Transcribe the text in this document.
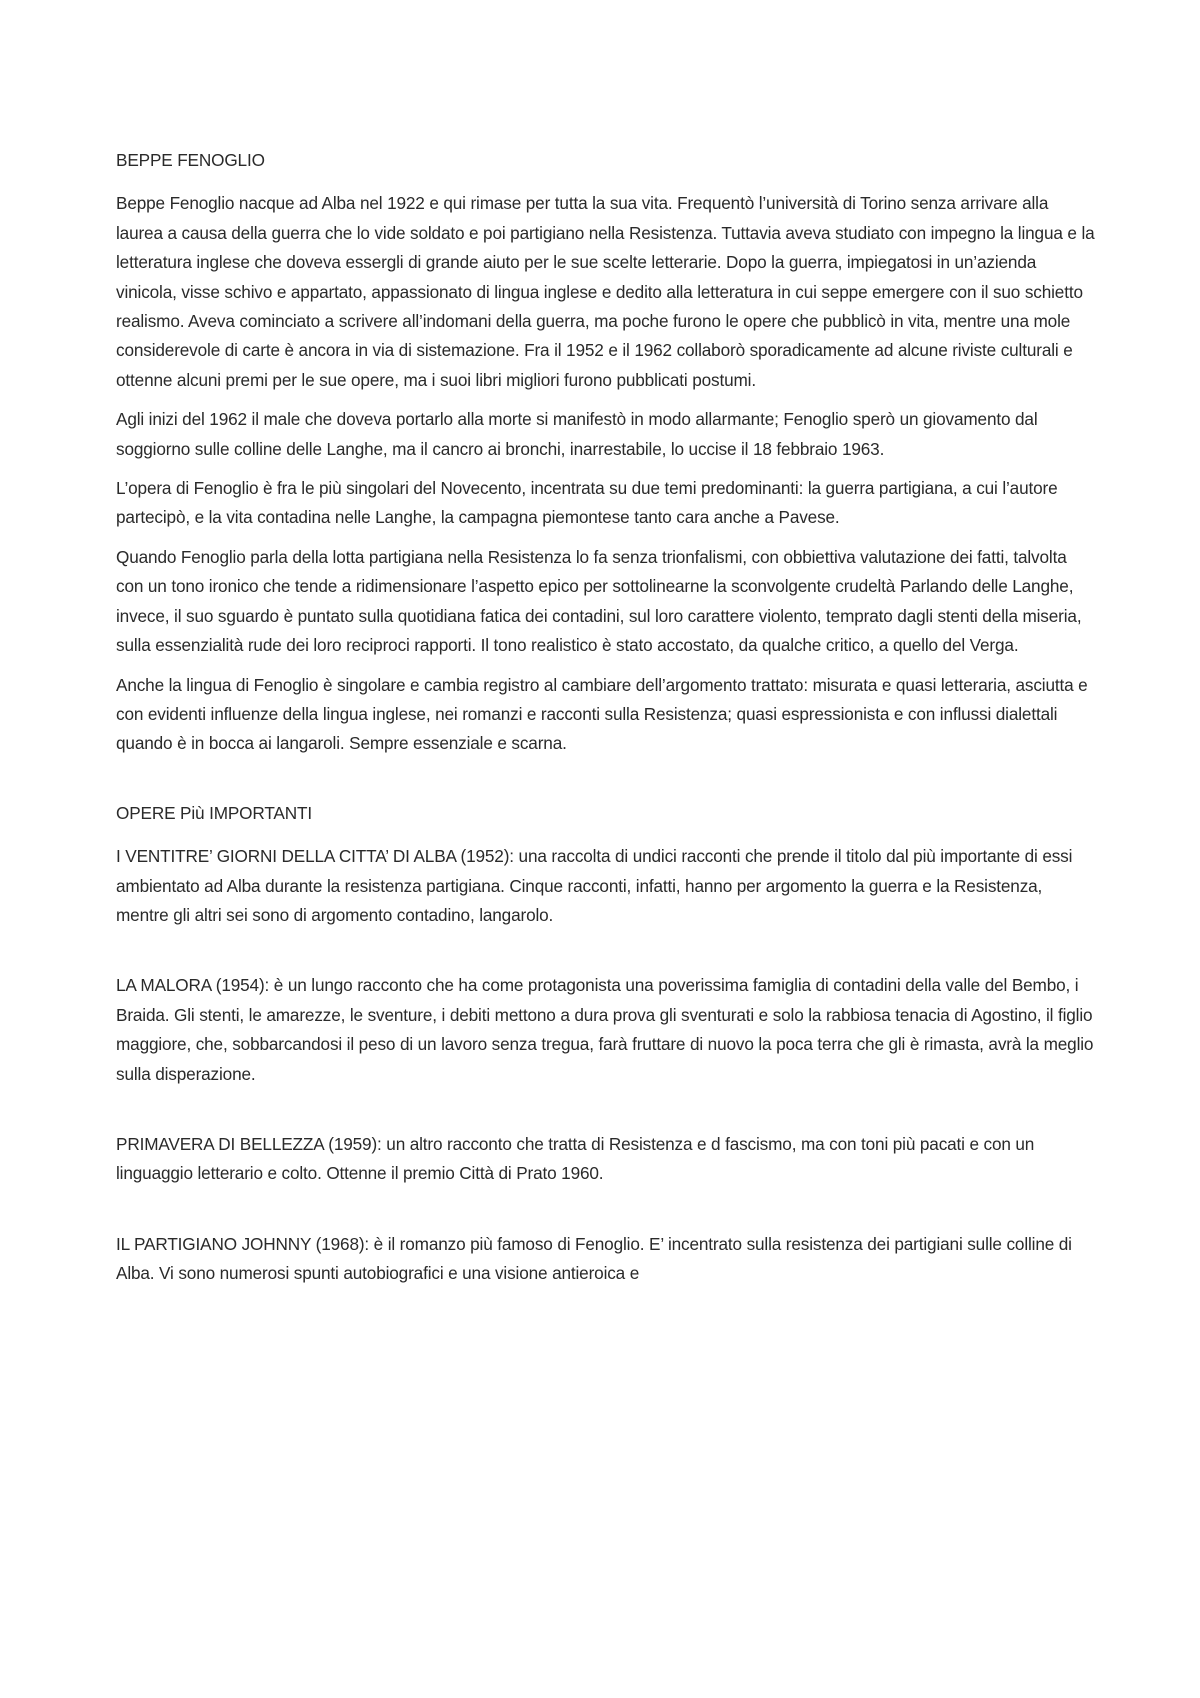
BEPPE FENOGLIO

Beppe Fenoglio nacque ad Alba nel 1922 e qui rimase per tutta la sua vita. Frequentò l’università di Torino senza arrivare alla laurea a causa della guerra che lo vide soldato e poi partigiano nella Resistenza. Tuttavia aveva studiato con impegno la lingua e la letteratura inglese che doveva essergli di grande aiuto per le sue scelte letterarie. Dopo la guerra, impiegatosi in un’azienda vinicola, visse schivo e appartato, appassionato di lingua inglese e dedito alla letteratura in cui seppe emergere con il suo schietto realismo. Aveva cominciato a scrivere all’indomani della guerra, ma poche furono le opere che pubblicò in vita, mentre una mole considerevole di carte è ancora in via di sistemazione. Fra il 1952 e il 1962 collaborò sporadicamente ad alcune riviste culturali e ottenne alcuni premi per le sue opere, ma i suoi libri migliori furono pubblicati postumi.

Agli inizi del 1962 il male che doveva portarlo alla morte si manifestò in modo allarmante; Fenoglio sperò un giovamento dal soggiorno sulle colline delle Langhe, ma il cancro ai bronchi, inarrestabile, lo uccise il 18 febbraio 1963.

L’opera di Fenoglio è fra le più singolari del Novecento, incentrata su due temi predominanti: la guerra partigiana, a cui l’autore partecipò, e la vita contadina nelle Langhe, la campagna piemontese tanto cara anche a Pavese.

Quando Fenoglio parla della lotta partigiana nella Resistenza lo fa senza trionfalismi, con obbiettiva valutazione dei fatti, talvolta con un tono ironico che tende a ridimensionare l’aspetto epico per sottolinearne la sconvolgente crudeltà Parlando delle Langhe, invece, il suo sguardo è puntato sulla quotidiana fatica dei contadini, sul loro carattere violento, temprato dagli stenti della miseria, sulla essenzialità rude dei loro reciproci rapporti. Il tono realistico è stato accostato, da qualche critico, a quello del Verga.

Anche la lingua di Fenoglio è singolare e cambia registro al cambiare dell’argomento trattato: misurata e quasi letteraria, asciutta e con evidenti influenze della lingua inglese, nei romanzi e racconti sulla Resistenza; quasi espressionista e con influssi dialettali quando è in bocca ai langaroli. Sempre essenziale e scarna.

OPERE Più IMPORTANTI

I VENTITRE’ GIORNI DELLA CITTA’ DI ALBA (1952): una raccolta di undici racconti che prende il titolo dal più importante di essi ambientato ad Alba durante la resistenza partigiana. Cinque racconti, infatti, hanno per argomento la guerra e la Resistenza, mentre gli altri sei sono di argomento contadino, langarolo.

LA MALORA (1954): è un lungo racconto che ha come protagonista una poverissima famiglia di contadini della valle del Bembo, i Braida. Gli stenti, le amarezze, le sventure, i debiti mettono a dura prova gli sventurati e solo la rabbiosa tenacia di Agostino, il figlio maggiore, che, sobbarcandosi il peso di un lavoro senza tregua, farà fruttare di nuovo la poca terra che gli è rimasta, avrà la meglio sulla disperazione.

PRIMAVERA DI BELLEZZA (1959): un altro racconto che tratta di Resistenza e d fascismo, ma con toni più pacati e con un linguaggio letterario e colto. Ottenne il premio Città di Prato 1960.

IL PARTIGIANO JOHNNY (1968): è il romanzo più famoso di Fenoglio. E’ incentrato sulla resistenza dei partigiani sulle colline di Alba. Vi sono numerosi spunti autobiografici e una visione antieroica e
